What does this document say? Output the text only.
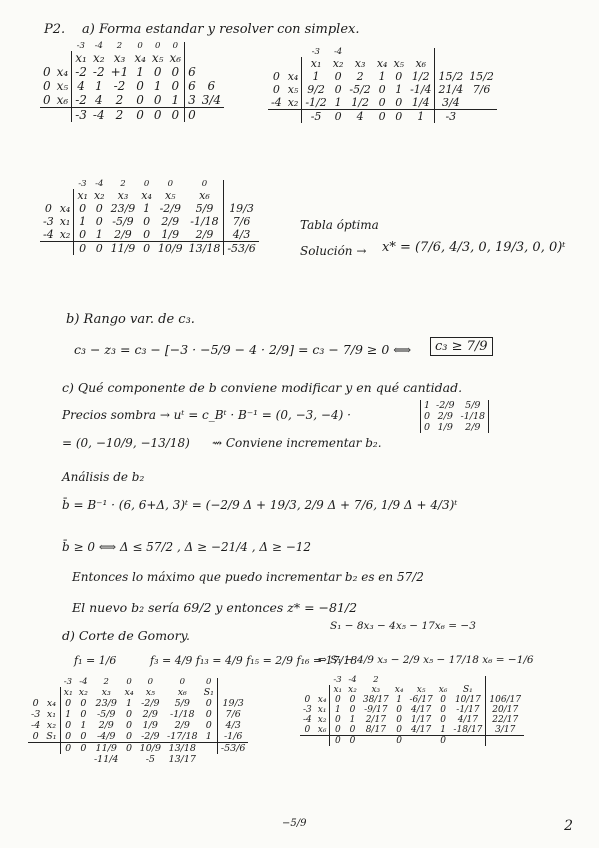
P2. a) Forma estandar y resolver con simplex.
		-3	-4	2	0	0	0		
		x₁	x₂	x₃	x₄	x₅	x₆		
0	x₄	-2	-2	+1	1	0	0	6	
0	x₅	4	1	-2	0	1	0	6	6
0	x₆	-2	4	2	0	0	1	3	3/4
		-3	-4	2	0	0	0	0	
		-3	-4						
		x₁	x₂	x₃	x₄	x₅	x₆		
0	x₄	1	0	2	1	0	1/2	15/2	15/2
0	x₅	9/2	0	-5/2	0	1	-1/4	21/4	7/6
-4	x₂	-1/2	1	1/2	0	0	1/4	3/4	
		-5	0	4	0	0	1	-3	
		-3	-4	2	0	0	0	
		x₁	x₂	x₃	x₄	x₅	x₆	
0	x₄	0	0	23/9	1	-2/9	5/9	19/3
-3	x₁	1	0	-5/9	0	2/9	-1/18	7/6
-4	x₂	0	1	2/9	0	1/9	2/9	4/3
		0	0	11/9	0	10/9	13/18	-53/6
Tabla óptima
Solución → x* = (7/6, 4/3, 0, 19/3, 0, 0)ᵗ
b) Rango var. de c₃.
c₃ − z₃ = c₃ − [−3 · −5/9 − 4 · 2/9] = c₃ − 7/9 ≥ 0 ⟺	c₃ ≥ 7/9
c) Qué componente de b conviene modificar y en qué cantidad.
Precios sombra → uᵗ = c_Bᵗ · B⁻¹ = (0, −3, −4) ·
1	-2/9	5/9
0	2/9	-1/18
0	1/9	2/9
= (0, −10/9, −13/18) ⇝ Conviene incrementar b₂.
Análisis de b₂
b̄ = B⁻¹ · (6, 6+Δ, 3)ᵗ = (−2/9 Δ + 19/3, 2/9 Δ + 7/6, 1/9 Δ + 4/3)ᵗ
b̄ ≥ 0 ⟺ Δ ≤ 57/2 , Δ ≥ −21/4 , Δ ≥ −12
Entonces lo máximo que puedo incrementar b₂ es en 57/2
El nuevo b₂ sería 69/2 y entonces z* = −81/2
d) Corte de Gomory.
S₁ − 8x₃ − 4x₅ − 17x₆ = −3
f₁ = 1/6	f₃ = 4/9 f₁₃ = 4/9 f₁₅ = 2/9 f₁₆ = 17/18
⇒ S₁ − 4/9 x₃ − 2/9 x₅ − 17/18 x₆ = −1/6
		-3	-4	2	0	0	0	0	
		x₁	x₂	x₃	x₄	x₅	x₆	S₁	
0	x₄	0	0	23/9	1	-2/9	5/9	0	19/3
-3	x₁	1	0	-5/9	0	2/9	-1/18	0	7/6
-4	x₂	0	1	2/9	0	1/9	2/9	0	4/3
0	S₁	0	0	-4/9	0	-2/9	-17/18	1	-1/6
		0	0	11/9	0	10/9	13/18		-53/6
				-11/4		-5	13/17		
		-3	-4	2					
		x₁	x₂	x₃	x₄	x₅	x₆	S₁	
0	x₄	0	0	38/17	1	-6/17	0	10/17	106/17
-3	x₁	1	0	-9/17	0	4/17	0	-1/17	20/17
-4	x₂	0	1	2/17	0	1/17	0	4/17	22/17
0	x₆	0	0	8/17	0	4/17	1	-18/17	3/17
		0	0		0		0		
−5/9	2
